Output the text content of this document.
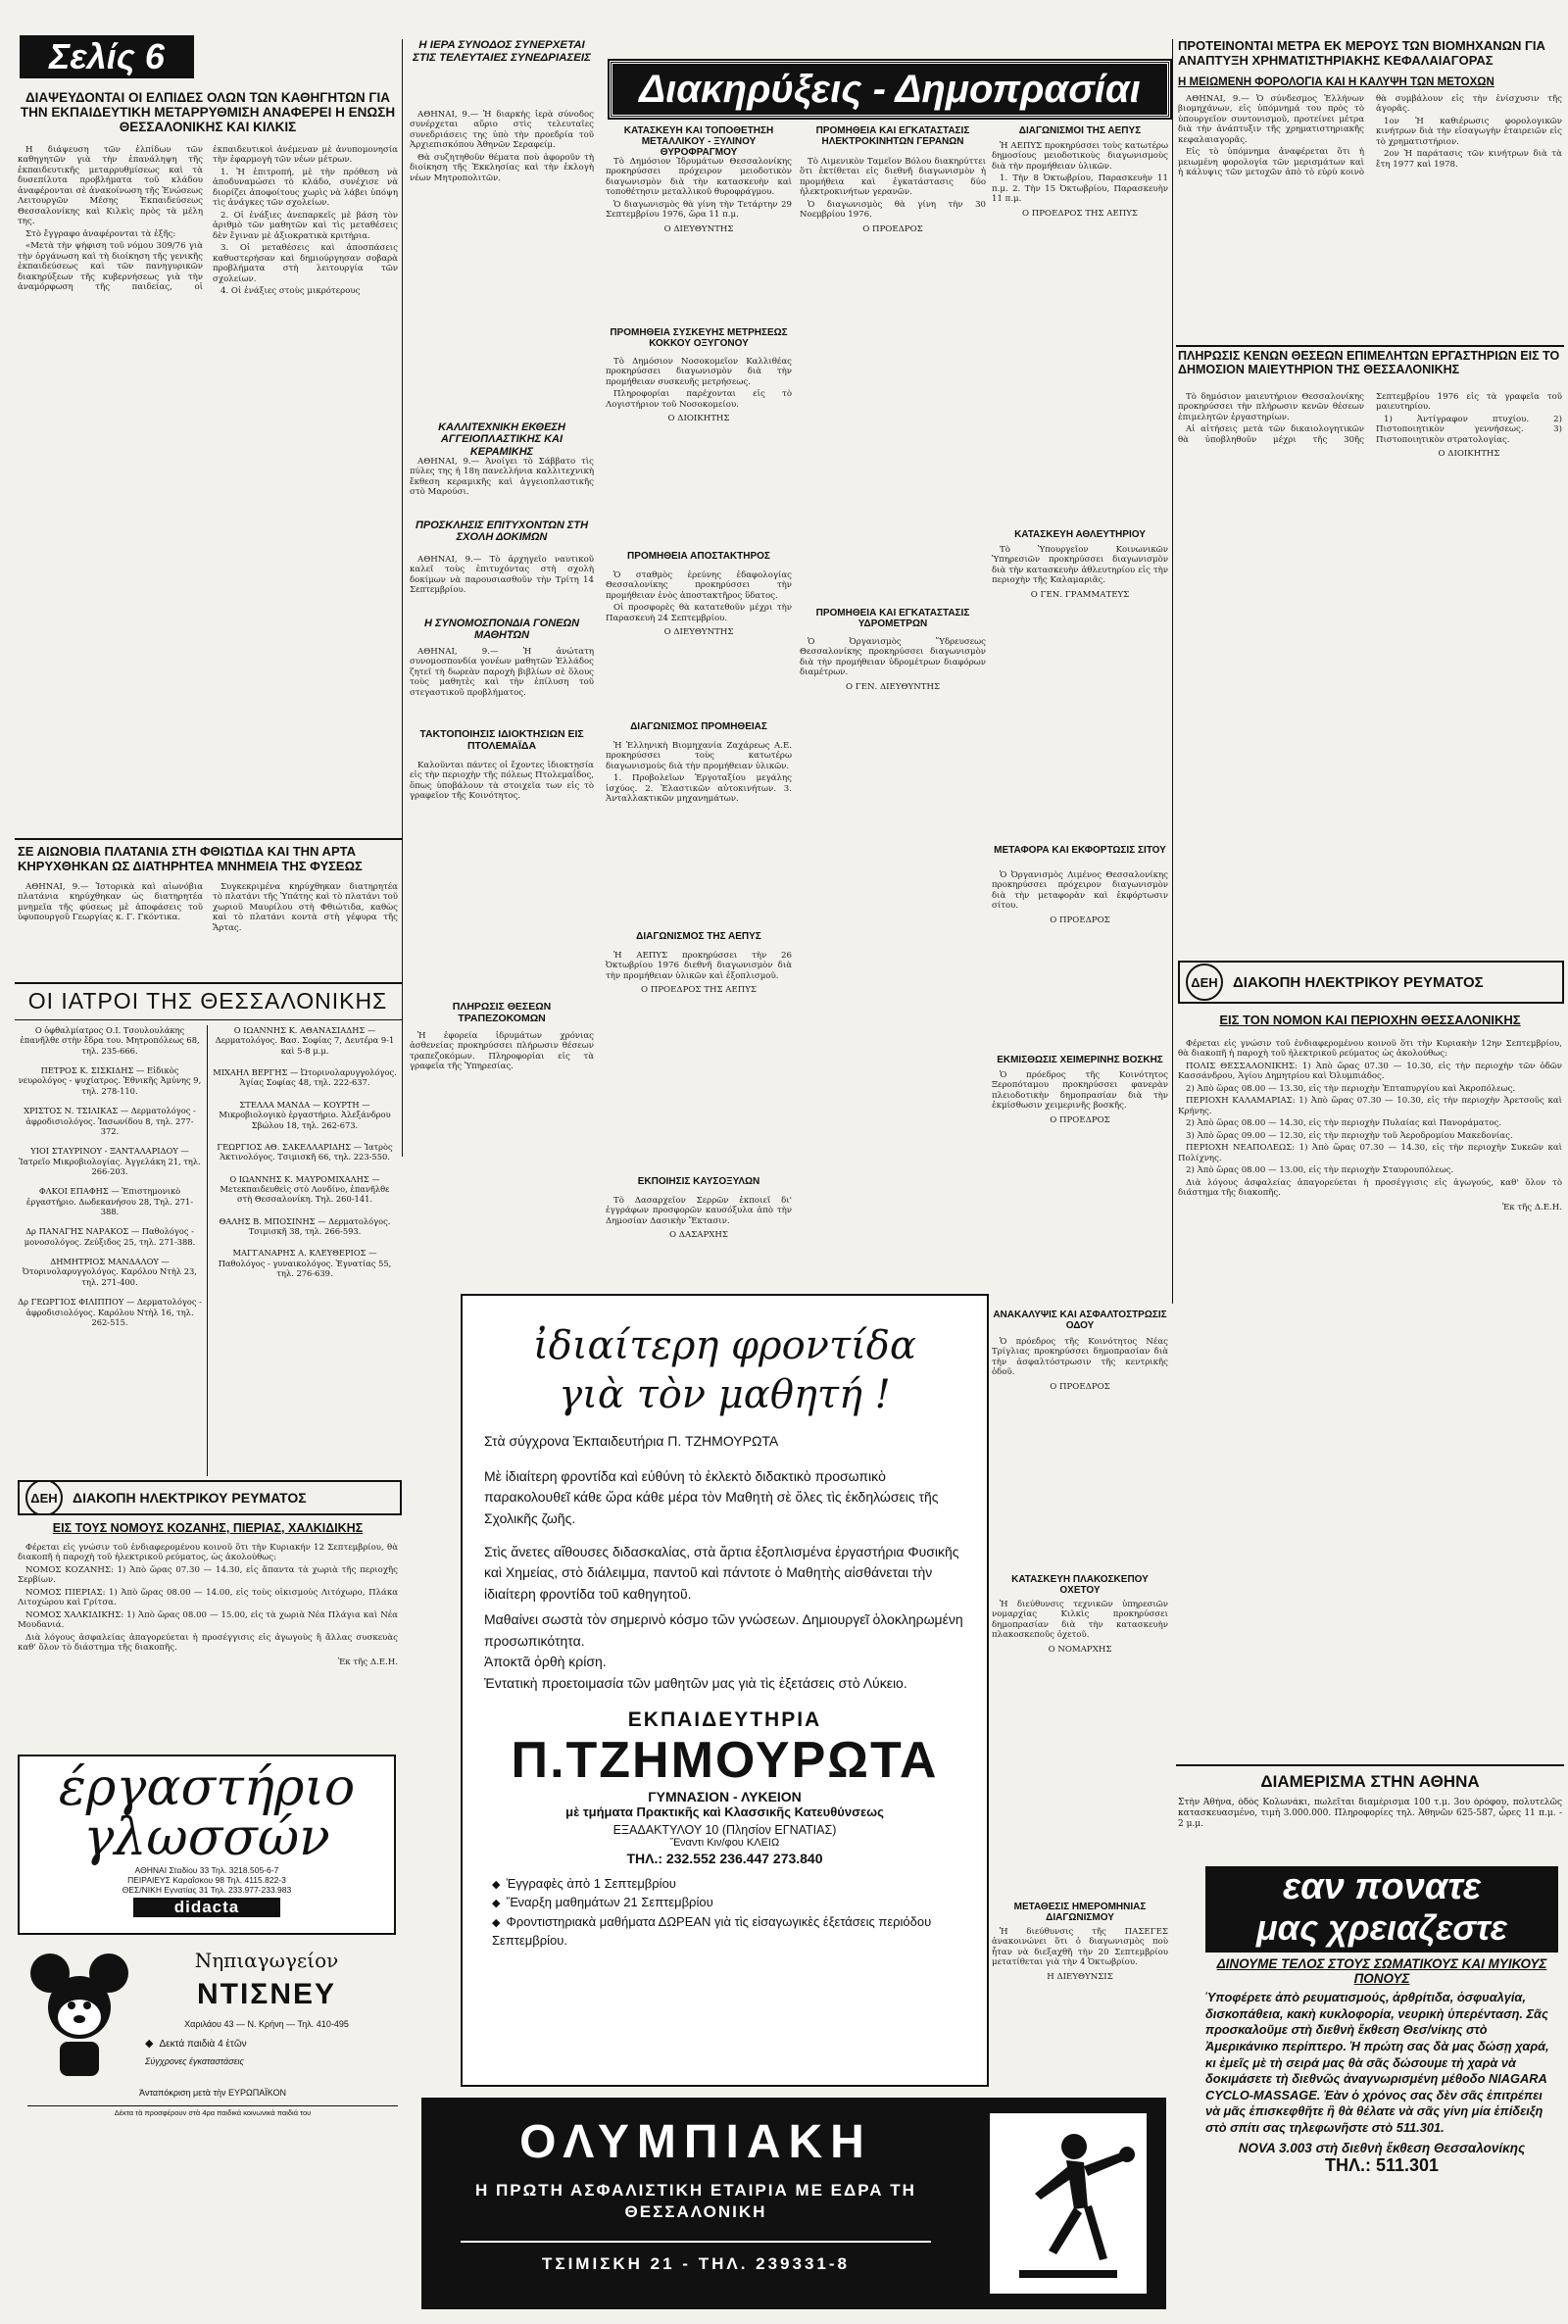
Σελίς 6
ΔΙΑΨΕΥΔΟΝΤΑΙ ΟΙ ΕΛΠΙΔΕΣ ΟΛΩΝ ΤΩΝ ΚΑΘΗΓΗΤΩΝ ΓΙΑ ΤΗΝ ΕΚΠΑΙΔΕΥΤΙΚΗ ΜΕΤΑΡΡΥΘΜΙΣΗ ΑΝΑΦΕΡΕΙ Η ΕΝΩΣΗ ΘΕΣΣΑΛΟΝΙΚΗΣ ΚΑΙ ΚΙΛΚΙΣ

Η διάψευση τῶν ἐλπίδων τῶν καθηγητῶν γιὰ τὴν ἐπανάληψη τῆς ἐκπαιδευτικῆς μεταρρυθμίσεως καὶ τὰ δυσεπίλυτα προβλήματα τοῦ κλάδου ἀναφέρονται σὲ ἀνακοίνωση τῆς Ἑνώσεως Λειτουργῶν Μέσης Ἐκπαιδεύσεως Θεσσαλονίκης καὶ Κιλκὶς πρὸς τὰ μέλη της.

Στὸ ἔγγραφο ἀναφέρονται τὰ ἑξῆς:

«Μετὰ τὴν ψήφιση τοῦ νόμου 309/76 γιὰ τὴν ὀργάνωση καὶ τὴ διοίκηση τῆς γενικῆς ἐκπαιδεύσεως καὶ τῶν πανηγυρικῶν διακηρύξεων τῆς κυβερνήσεως γιὰ τὴν ἀναμόρφωση τῆς παιδείας, οἱ ἐκπαιδευτικοὶ ἀνέμεναν μὲ ἀνυπομονησία τὴν ἐφαρμογὴ τῶν νέων μέτρων.

1. Ἡ ἐπιτροπή, μὲ τὴν πρόθεση νὰ ἀποδυναμώσει τὸ κλάδο, συνέχισε νὰ διορίζει ἀποφοίτους χωρὶς νὰ λάβει ὑπόψη τὶς ἀνάγκες τῶν σχολείων.

2. Οἱ ἐνάξιες ἀνεπαρκεῖς μὲ βάση τὸν ἀριθμὸ τῶν μαθητῶν καὶ τὶς μεταθέσεις δὲν ἔγιναν μὲ ἀξιοκρατικὰ κριτήρια.

3. Οἱ μεταθέσεις καὶ ἀποσπάσεις καθυστερήσαν καὶ δημιούργησαν σοβαρὰ προβλήματα στὴ λειτουργία τῶν σχολείων.

4. Οἱ ἐνάξιες στοὺς μικρότερους

ΣΕ ΑΙΩΝΟΒΙΑ ΠΛΑΤΑΝΙΑ ΣΤΗ ΦΘΙΩΤΙΔΑ ΚΑΙ ΤΗΝ ΑΡΤΑ ΚΗΡΥΧΘΗΚΑΝ ΩΣ ΔΙΑΤΗΡΗΤΕΑ ΜΝΗΜΕΙΑ ΤΗΣ ΦΥΣΕΩΣ

ΑΘΗΝΑΙ, 9.— Ἱστορικὰ καὶ αἰωνόβια πλατάνια κηρύχθηκαν ὡς διατηρητέα μνημεῖα τῆς φύσεως μὲ ἀποφάσεις τοῦ ὑφυπουργοῦ Γεωργίας κ. Γ. Γκόντικα.

Συγκεκριμένα κηρύχθηκαν διατηρητέα τὸ πλατάνι τῆς Ὑπάτης καὶ τὸ πλατάνι τοῦ χωριοῦ Μαυρίλου στὴ Φθιώτιδα, καθὼς καὶ τὸ πλατάνι κοντὰ στὴ γέφυρα τῆς Ἄρτας.

ΟΙ ΙΑΤΡΟΙ ΤΗΣ ΘΕΣΣΑΛΟΝΙΚΗΣ
Ο ὀφθαλμίατρος Ο.Ι. Τσουλουλάκης ἐπανῆλθε στὴν ἔδρα του. Μητροπόλεως 68, τηλ. 235-666.
ΠΕΤΡΟΣ Κ. ΣΙΣΚΙΔΗΣ — Εἰδικὸς νευρολόγος - ψυχίατρος. Ἐθνικῆς Ἀμύνης 9, τηλ. 278-110.
ΧΡΙΣΤΟΣ Ν. ΤΣΙΛΙΚΑΣ — Δερματολόγος - ἀφροδισιολόγος. Ἰασωνίδου 8, τηλ. 277-372.
ΥΙΟΙ ΣΤΑΥΡΙΝΟΥ - ΞΑΝΤΑΛΑΡΙΔΟΥ — Ἰατρεῖο Μικροβιολογίας. Ἀγγελάκη 21, τηλ. 266-203.
ΦΛΚΟΙ ΕΠΑΦΗΣ — Ἐπιστημονικὸ ἐργαστήριο. Δωδεκανήσου 28, Τηλ. 271-388.
Δρ ΠΑΝΑΓΗΣ ΝΑΡΑΚΟΣ — Παθολόγος - μονοσολόγος. Ζεύξιδος 25, τηλ. 271-388.
ΔΗΜΗΤΡΙΟΣ ΜΑΝΔΑΛΟΥ — Ὀτορινολαρυγγολόγος. Καρόλου Ντὴλ 23, τηλ. 271-400.
Δρ ΓΕΩΡΓΙΟΣ ΦΙΛΙΠΠΟΥ — Δερματολόγος - ἀφροδισιολόγος. Καρόλου Ντὴλ 16, τηλ. 262-515.
Ο ΙΩΑΝΝΗΣ Κ. ΑΘΑΝΑΣΙΑΔΗΣ — Δερματολόγος. Βασ. Σοφίας 7, Δευτέρα 9-1 καὶ 5-8 μ.μ.
ΜΙΧΑΗΛ ΒΕΡΓΗΣ — Ὠτορινολαρυγγολόγος. Ἁγίας Σοφίας 48, τηλ. 222-637.
ΣΤΕΛΛΑ ΜΑΝΔΑ — ΚΟΥΡΤΗ — Μικροβιολογικὸ ἐργαστήριο. Ἀλεξάνδρου Σβώλου 18, τηλ. 262-673.
ΓΕΩΡΓΙΟΣ ΑΘ. ΣΑΚΕΛΛΑΡΙΔΗΣ — Ἰατρὸς Ἀκτινολόγος. Τσιμισκῆ 66, τηλ. 223-550.
Ο ΙΩΑΝΝΗΣ Κ. ΜΑΥΡΟΜΙΧΑΛΗΣ — Μετεκπαιδευθεὶς στὸ Λονδίνο, ἐπανῆλθε στὴ Θεσσαλονίκη. Τηλ. 260-141.
ΘΑΛΗΣ Β. ΜΠΟΣΙΝΗΣ — Δερματολόγος. Τσιμισκῆ 38, τηλ. 266-593.
ΜΑΓΓΑΝΑΡΗΣ Α. ΚΛΕΥΘΕΡΙΟΣ — Παθολόγος - γυναικολόγος. Ἐγνατίας 55, τηλ. 276-639.
ΔΕΗ	ΔΙΑΚΟΠΗ ΗΛΕΚΤΡΙΚΟΥ ΡΕΥΜΑΤΟΣ
ΕΙΣ ΤΟΥΣ ΝΟΜΟΥΣ ΚΟΖΑΝΗΣ, ΠΙΕΡΙΑΣ, ΧΑΛΚΙΔΙΚΗΣ

Φέρεται εἰς γνώσιν τοῦ ἐνδιαφερομένου κοινοῦ ὅτι τὴν Κυριακήν 12 Σεπτεμβρίου, θὰ διακοπῆ ἡ παροχὴ τοῦ ἠλεκτρικοῦ ρεύματος, ὡς ἀκολούθως:

ΝΟΜΟΣ ΚΟΖΑΝΗΣ: 1) Ἀπὸ ὥρας 07.30 — 14.30, εἰς ἅπαντα τὰ χωριὰ τῆς περιοχῆς Σερβίων.

ΝΟΜΟΣ ΠΙΕΡΙΑΣ: 1) Ἀπὸ ὥρας 08.00 — 14.00, εἰς τοὺς οἰκισμοὺς Λιτόχωρο, Πλάκα Λιτοχώρου καὶ Γρίτσα.

ΝΟΜΟΣ ΧΑΛΚΙΔΙΚΗΣ: 1) Ἀπὸ ὥρας 08.00 — 15.00, εἰς τὰ χωριὰ Νέα Πλάγια καὶ Νέα Μουδανιά.

Διὰ λόγους ἀσφαλείας ἀπαγορεύεται ἡ προσέγγισις εἰς ἀγωγοὺς ἢ ἄλλας συσκευὰς καθ' ὅλον τὸ διάστημα τῆς διακοπῆς.

Ἐκ τῆς Δ.Ε.Η.
έργαστήριο
γλωσσών
ΑΘΗΝΑΙ Σταδίου 33 Τηλ. 3218.505-6-7
ΠΕΙΡΑΙΕΥΣ Καραΐσκου 98 Τηλ. 4115.822-3
ΘΕΣ/ΝΙΚΗ Εγνατίας 31 Τηλ. 233.977-233.983
didacta
Νηπιαγωγείον
ΝΤΙΣΝΕΥ
Χαριλάου 43 — Ν. Κρήνη — Τηλ. 410-495
◆ Δεκτά παιδιὰ 4 ἐτῶν
Σύγχρονες ἐγκαταστάσεις
Ἀνταπόκριση μετὰ τὴν ΕΥΡΩΠΑΪΚΟΝ
Δέκτα τὰ προσφέρουν στὰ 4ρα παιδικά κοινωνικά παιδιά του
Η ΙΕΡΑ ΣΥΝΟΔΟΣ ΣΥΝΕΡΧΕΤΑΙ ΣΤΙΣ ΤΕΛΕΥΤΑΙΕΣ ΣΥΝΕΔΡΙΑΣΕΙΣ

ΑΘΗΝΑΙ, 9.— Ἡ διαρκὴς ἱερὰ σύνοδος συνέρχεται αὔριο στὶς τελευταῖες συνεδριάσεις της ὑπὸ τὴν προεδρία τοῦ Ἀρχιεπισκόπου Ἀθηνῶν Σεραφείμ.

Θὰ συζητηθοῦν θέματα ποὺ ἀφοροῦν τὴ διοίκηση τῆς Ἐκκλησίας καὶ τὴν ἐκλογὴ νέων Μητροπολιτῶν.

Διακηρύξεις - Δημοπρασίαι
ΚΑΛΛΙΤΕΧΝΙΚΗ ΕΚΘΕΣΗ ΑΓΓΕΙΟΠΛΑΣΤΙΚΗΣ ΚΑΙ ΚΕΡΑΜΙΚΗΣ

ΑΘΗΝΑΙ, 9.— Ἀνοίγει τὸ Σάββατο τὶς πύλες της ἡ 18η πανελλήνια καλλιτεχνικὴ ἔκθεση κεραμικῆς καὶ ἀγγειοπλαστικῆς στὸ Μαρούσι.

ΠΡΟΣΚΛΗΣΙΣ ΕΠΙΤΥΧΟΝΤΩΝ ΣΤΗ ΣΧΟΛΗ ΔΟΚΙΜΩΝ

ΑΘΗΝΑΙ, 9.— Τὸ ἀρχηγεῖο ναυτικοῦ καλεῖ τοὺς ἐπιτυχόντας στὴ σχολὴ δοκίμων νὰ παρουσιασθοῦν τὴν Τρίτη 14 Σεπτεμβρίου.

Η ΣΥΝΟΜΟΣΠΟΝΔΙΑ ΓΟΝΕΩΝ ΜΑΘΗΤΩΝ

ΑΘΗΝΑΙ, 9.— Ἡ ἀνώτατη συνομοσπονδία γονέων μαθητῶν Ἑλλάδος ζητεῖ τὴ δωρεὰν παροχὴ βιβλίων σὲ ὅλους τοὺς μαθητὲς καὶ τὴν ἐπίλυση τοῦ στεγαστικοῦ προβλήματος.

ΤΑΚΤΟΠΟΙΗΣΙΣ ΙΔΙΟΚΤΗΣΙΩΝ ΕΙΣ ΠΤΟΛΕΜΑΪΔΑ

Καλοῦνται πάντες οἱ ἔχοντες ἰδιοκτησία εἰς τὴν περιοχὴν τῆς πόλεως Πτολεμαΐδος, ὅπως ὑποβάλουν τὰ στοιχεῖα των εἰς τὸ γραφεῖον τῆς Κοινότητος.

ΠΛΗΡΩΣΙΣ ΘΕΣΕΩΝ ΤΡΑΠΕΖΟΚΟΜΩΝ

Ἡ ἐφορεία ἰδρυμάτων χρόνιας ἀσθενείας προκηρύσσει πλήρωσιν θέσεων τραπεζοκόμων. Πληροφορίαι εἰς τὰ γραφεῖα τῆς Ὑπηρεσίας.

ΚΑΤΑΣΚΕΥΗ ΚΑΙ ΤΟΠΟΘΕΤΗΣΗ ΜΕΤΑΛΛΙΚΟΥ - ΞΥΛΙΝΟΥ ΘΥΡΟΦΡΑΓΜΟΥ

Τὸ Δημόσιον Ἰδρυμάτων Θεσσαλονίκης προκηρύσσει πρόχειρον μειοδοτικὸν διαγωνισμὸν διὰ τὴν κατασκευὴν καὶ τοποθέτησιν μεταλλικοῦ θυροφράγμου.

Ὁ διαγωνισμὸς θὰ γίνη τὴν Τετάρτην 29 Σεπτεμβρίου 1976, ὥρα 11 π.μ.

Ο ΔΙΕΥΘΥΝΤΗΣ
ΠΡΟΜΗΘΕΙΑ ΣΥΣΚΕΥΗΣ ΜΕΤΡΗΣΕΩΣ ΚΟΚΚΟΥ ΟΞΥΓΟΝΟΥ

Τὸ Δημόσιον Νοσοκομεῖον Καλλιθέας προκηρύσσει διαγωνισμὸν διὰ τὴν προμήθειαν συσκευῆς μετρήσεως.

Πληροφορίαι παρέχονται εἰς τὸ Λογιστήριον τοῦ Νοσοκομείου.

Ο ΔΙΟΙΚΗΤΗΣ
ΠΡΟΜΗΘΕΙΑ ΑΠΟΣΤΑΚΤΗΡΟΣ

Ὁ σταθμὸς ἐρεύνης ἐδαφολογίας Θεσσαλονίκης προκηρύσσει τὴν προμήθειαν ἑνὸς ἀποστακτῆρος ὕδατος.

Οἱ προσφορὲς θὰ κατατεθοῦν μέχρι τὴν Παρασκευὴ 24 Σεπτεμβρίου.

Ο ΔΙΕΥΘΥΝΤΗΣ
ΔΙΑΓΩΝΙΣΜΟΣ ΠΡΟΜΗΘΕΙΑΣ

Ἡ Ἑλληνικὴ Βιομηχανία Ζαχάρεως Α.Ε. προκηρύσσει τοὺς κατωτέρω διαγωνισμοὺς διὰ τὴν προμήθειαν ὑλικῶν.

1. Προβολεῖων Ἐργοταξίου μεγάλης ἰσχύος. 2. Ἐλαστικῶν αὐτοκινήτων. 3. Ἀνταλλακτικῶν μηχανημάτων.

ΔΙΑΓΩΝΙΣΜΟΣ ΤΗΣ ΑΕΠΥΣ

Ἡ ΑΕΠΥΣ προκηρύσσει τὴν 26 Ὀκτωβρίου 1976 διεθνῆ διαγωνισμὸν διὰ τὴν προμήθειαν ὑλικῶν καὶ ἐξοπλισμοῦ.

Ο ΠΡΟΕΔΡΟΣ ΤΗΣ ΑΕΠΥΣ
ΕΚΠΟΙΗΣΙΣ ΚΑΥΣΟΞΥΛΩΝ

Τὸ Δασαρχεῖον Σερρῶν ἐκποιεῖ δι' ἐγγράφων προσφορῶν καυσόξυλα ἀπὸ τὴν Δημοσίαν Δασικὴν Ἔκτασιν.

Ο ΔΑΣΑΡΧΗΣ
ΠΡΟΜΗΘΕΙΑ ΚΑΙ ΕΓΚΑΤΑΣΤΑΣΙΣ ΗΛΕΚΤΡΟΚΙΝΗΤΩΝ ΓΕΡΑΝΩΝ

Τὸ Λιμενικὸν Ταμεῖον Βόλου διακηρύττει ὅτι ἐκτίθεται εἰς διεθνῆ διαγωνισμὸν ἡ προμήθεια καὶ ἐγκατάστασις δύο ἠλεκτροκινήτων γερανῶν.

Ὁ διαγωνισμὸς θὰ γίνη τὴν 30 Νοεμβρίου 1976.

Ο ΠΡΟΕΔΡΟΣ
ΠΡΟΜΗΘΕΙΑ ΚΑΙ ΕΓΚΑΤΑΣΤΑΣΙΣ ΥΔΡΟΜΕΤΡΩΝ

Ὁ Ὀργανισμὸς Ὕδρευσεως Θεσσαλονίκης προκηρύσσει διαγωνισμὸν διὰ τὴν προμήθειαν ὑδρομέτρων διαφόρων διαμέτρων.

Ο ΓΕΝ. ΔΙΕΥΘΥΝΤΗΣ
ΔΙΑΓΩΝΙΣΜΟΙ ΤΗΣ ΑΕΠΥΣ

Ἡ ΑΕΠΥΣ προκηρύσσει τοὺς κατωτέρω δημοσίους μειοδοτικοὺς διαγωνισμοὺς διὰ τὴν προμήθειαν ὑλικῶν.

1. Τὴν 8 Ὀκτωβρίου, Παρασκευὴν 11 π.μ. 2. Τὴν 15 Ὀκτωβρίου, Παρασκευὴν 11 π.μ.

Ο ΠΡΟΕΔΡΟΣ ΤΗΣ ΑΕΠΥΣ
ΚΑΤΑΣΚΕΥΗ ΑΘΛΕΥΤΗΡΙΟΥ

Τὸ Ὑπουργεῖον Κοινωνικῶν Ὑπηρεσιῶν προκηρύσσει διαγωνισμὸν διὰ τὴν κατασκευὴν ἀθλευτηρίου εἰς τὴν περιοχὴν τῆς Καλαμαριᾶς.

Ο ΓΕΝ. ΓΡΑΜΜΑΤΕΥΣ
ΜΕΤΑΦΟΡΑ ΚΑΙ ΕΚΦΟΡΤΩΣΙΣ ΣΙΤΟΥ

Ὁ Ὀργανισμὸς Λιμένος Θεσσαλονίκης προκηρύσσει πρόχειρον διαγωνισμὸν διὰ τὴν μεταφορὰν καὶ ἐκφόρτωσιν σίτου.

Ο ΠΡΟΕΔΡΟΣ
ΕΚΜΙΣΘΩΣΙΣ ΧΕΙΜΕΡΙΝΗΣ ΒΟΣΚΗΣ

Ὁ πρόεδρος τῆς Κοινότητος Ξεροπόταμου προκηρύσσει φανερὰν πλειοδοτικὴν δημοπρασίαν διὰ τὴν ἐκμίσθωσιν χειμερινῆς βοσκῆς.

Ο ΠΡΟΕΔΡΟΣ
ΑΝΑΚΑΛΥΨΙΣ ΚΑΙ ΑΣΦΑΛΤΟΣΤΡΩΣΙΣ ΟΔΟΥ

Ὁ πρόεδρος τῆς Κοινότητος Νέας Τρίγλιας προκηρύσσει δημοπρασίαν διὰ τὴν ἀσφαλτόστρωσιν τῆς κεντρικῆς ὁδοῦ.

Ο ΠΡΟΕΔΡΟΣ
ΚΑΤΑΣΚΕΥΗ ΠΛΑΚΟΣΚΕΠΟΥ ΟΧΕΤΟΥ

Ἡ διεύθυνσις τεχνικῶν ὑπηρεσιῶν νομαρχίας Κιλκὶς προκηρύσσει δημοπρασίαν διὰ τὴν κατασκευὴν πλακοσκεποῦς ὀχετοῦ.

Ο ΝΟΜΑΡΧΗΣ
ΜΕΤΑΘΕΣΙΣ ΗΜΕΡΟΜΗΝΙΑΣ ΔΙΑΓΩΝΙΣΜΟΥ

Ἡ διεύθυνσις τῆς ΠΑΣΕΓΕΣ ἀνακοινώνει ὅτι ὁ διαγωνισμὸς ποὺ ἦταν νὰ διεξαχθῆ τὴν 20 Σεπτεμβρίου μετατίθεται γιὰ τὴν 4 Ὀκτωβρίου.

Η ΔΙΕΥΘΥΝΣΙΣ
ἰδιαίτερη φροντίδα
γιὰ τὸν μαθητή !
Στὰ σύγχρονα Ἐκπαιδευτήρια Π. ΤΖΗΜΟΥΡΩΤΑ
Μὲ ἰδιαίτερη φροντίδα καὶ εὐθύνη τὸ ἐκλεκτὸ διδακτικὸ προσωπικὸ παρακολουθεῖ κάθε ὥρα κάθε μέρα τὸν Μαθητὴ σὲ ὅλες τὶς ἐκδηλώσεις τῆς Σχολικῆς ζωῆς.
Στὶς ἄνετες αἴθουσες διδασκαλίας, στὰ ἄρτια ἐξοπλισμένα ἐργαστήρια Φυσικῆς καὶ Χημείας, στὸ διάλειμμα, παντοῦ καὶ πάντοτε ὁ Μαθητὴς αἰσθάνεται τὴν ἰδιαίτερη φροντίδα τοῦ καθηγητοῦ.
Μαθαίνει σωστὰ τὸν σημερινὸ κόσμο τῶν γνώσεων. Δημιουργεῖ ὁλοκληρωμένη προσωπικότητα.
Ἀποκτᾶ ὀρθὴ κρίση.
Ἐντατικὴ προετοιμασία τῶν μαθητῶν μας γιὰ τὶς ἐξετάσεις στὸ Λύκειο.
ΕΚΠΑΙΔΕΥΤΗΡΙΑ
Π.ΤΖΗΜΟΥΡΩΤΑ
ΓΥΜΝΑΣΙΟΝ - ΛΥΚΕΙΟΝ
μὲ τμήματα Πρακτικῆς καὶ Κλασσικῆς Κατευθύνσεως
ΕΞΑΔΑΚΤΥΛΟΥ 10 (Πλησίον ΕΓΝΑΤΙΑΣ)
Ἔναντι Κιν/φου ΚΛΕΙΩ
ΤΗΛ.: 232.552 236.447 273.840
◆ Ἐγγραφὲς ἀπὸ 1 Σεπτεμβρίου
◆ Ἔναρξη μαθημάτων 21 Σεπτεμβρίου
◆ Φροντιστηριακὰ μαθήματα ΔΩΡΕΑΝ γιὰ τὶς εἰσαγωγικὲς ἐξετάσεις περιόδου Σεπτεμβρίου.
ΟΛΥΜΠΙΑΚΗ
Η ΠΡΩΤΗ ΑΣΦΑΛΙΣΤΙΚΗ ΕΤΑΙΡΙΑ ΜΕ ΕΔΡΑ ΤΗ ΘΕΣΣΑΛΟΝΙΚΗ
ΤΣΙΜΙΣΚΗ 21 - ΤΗΛ. 239331-8
ΠΡΟΤΕΙΝΟΝΤΑΙ ΜΕΤΡΑ ΕΚ ΜΕΡΟΥΣ ΤΩΝ ΒΙΟΜΗΧΑΝΩΝ ΓΙΑ ΑΝΑΠΤΥΞΗ ΧΡΗΜΑΤΙΣΤΗΡΙΑΚΗΣ ΚΕΦΑΛΑΙΑΓΟΡΑΣ
Η ΜΕΙΩΜΕΝΗ ΦΟΡΟΛΟΓΙΑ ΚΑΙ Η ΚΑΛΥΨΗ ΤΩΝ ΜΕΤΟΧΩΝ

ΑΘΗΝΑΙ, 9.— Ὁ σύνδεσμος Ἑλλήνων βιομηχάνων, εἰς ὑπόμνημά του πρὸς τὸ ὑπουργεῖον συντονισμοῦ, προτείνει μέτρα διὰ τὴν ἀνάπτυξιν τῆς χρηματιστηριακῆς κεφαλαιαγορᾶς.

Εἰς τὸ ὑπόμνημα ἀναφέρεται ὅτι ἡ μειωμένη φορολογία τῶν μερισμάτων καὶ ἡ κάλυψις τῶν μετοχῶν ἀπὸ τὸ εὐρὺ κοινὸ θὰ συμβάλουν εἰς τὴν ἐνίσχυσιν τῆς ἀγορᾶς.

1ον Ἡ καθιέρωσις φορολογικῶν κινήτρων διὰ τὴν εἰσαγωγὴν ἑταιρειῶν εἰς τὸ χρηματιστήριον.

2ον Ἡ παράτασις τῶν κινήτρων διὰ τὰ ἔτη 1977 καὶ 1978.

ΠΛΗΡΩΣΙΣ ΚΕΝΩΝ ΘΕΣΕΩΝ ΕΠΙΜΕΛΗΤΩΝ ΕΡΓΑΣΤΗΡΙΩΝ ΕΙΣ ΤΟ ΔΗΜΟΣΙΟΝ ΜΑΙΕΥΤΗΡΙΟΝ ΤΗΣ ΘΕΣΣΑΛΟΝΙΚΗΣ

Τὸ δημόσιον μαιευτήριον Θεσσαλονίκης προκηρύσσει τὴν πλήρωσιν κενῶν θέσεων ἐπιμελητῶν ἐργαστηρίων.

Αἱ αἰτήσεις μετὰ τῶν δικαιολογητικῶν θὰ ὑποβληθοῦν μέχρι τῆς 30ῆς Σεπτεμβρίου 1976 εἰς τὰ γραφεῖα τοῦ μαιευτηρίου.

1) Ἀντίγραφον πτυχίου. 2) Πιστοποιητικὸν γεννήσεως. 3) Πιστοποιητικὸν στρατολογίας.

Ο ΔΙΟΙΚΗΤΗΣ
ΔΕΗ	ΔΙΑΚΟΠΗ ΗΛΕΚΤΡΙΚΟΥ ΡΕΥΜΑΤΟΣ
ΕΙΣ ΤΟΝ ΝΟΜΟΝ ΚΑΙ ΠΕΡΙΟΧΗΝ ΘΕΣΣΑΛΟΝΙΚΗΣ

Φέρεται εἰς γνώσιν τοῦ ἐνδιαφερομένου κοινοῦ ὅτι τὴν Κυριακὴν 12ην Σεπτεμβρίου, θὰ διακοπῆ ἡ παροχὴ τοῦ ἠλεκτρικοῦ ρεύματος ὡς ἀκολούθως:

ΠΟΛΙΣ ΘΕΣΣΑΛΟΝΙΚΗΣ: 1) Ἀπὸ ὥρας 07.30 — 10.30, εἰς τὴν περιοχὴν τῶν ὁδῶν Κασσάνδρου, Ἀγίου Δημητρίου καὶ Ὀλυμπιάδος.

2) Ἀπὸ ὥρας 08.00 — 13.30, εἰς τὴν περιοχὴν Ἐπταπυργίου καὶ Ἀκροπόλεως.

ΠΕΡΙΟΧΗ ΚΑΛΑΜΑΡΙΑΣ: 1) Ἀπὸ ὥρας 07.30 — 10.30, εἰς τὴν περιοχὴν Ἀρετσοῦς καὶ Κρήνης.

2) Ἀπὸ ὥρας 08.00 — 14.30, εἰς τὴν περιοχὴν Πυλαίας καὶ Πανοράματος.

3) Ἀπὸ ὥρας 09.00 — 12.30, εἰς τὴν περιοχὴν τοῦ Ἀεροδρομίου Μακεδονίας.

ΠΕΡΙΟΧΗ ΝΕΑΠΟΛΕΩΣ: 1) Ἀπὸ ὥρας 07.30 — 14.30, εἰς τὴν περιοχὴν Συκεῶν καὶ Πολίχνης.

2) Ἀπὸ ὥρας 08.00 — 13.00, εἰς τὴν περιοχὴν Σταυρουπόλεως.

Διὰ λόγους ἀσφαλείας ἀπαγορεύεται ἡ προσέγγισις εἰς ἀγωγούς, καθ' ὅλον τὸ διάστημα τῆς διακοπῆς.

Ἐκ τῆς Δ.Ε.Η.
ΔΙΑΜΕΡΙΣΜΑ ΣΤΗΝ ΑΘΗΝΑ
Στὴν Ἀθήνα, ὁδὸς Κολωνάκι, πωλεῖται διαμέρισμα 100 τ.μ. 3ου ὀρόφου, πολυτελῶς κατασκευασμένο, τιμὴ 3.000.000. Πληροφορίες τηλ. Ἀθηνῶν 625-587, ὧρες 11 π.μ. - 2 μ.μ.
εαν πονατε
μας χρειαζεστε
ΔΙΝΟΥΜΕ ΤΕΛΟΣ ΣΤΟΥΣ ΣΩΜΑΤΙΚΟΥΣ ΚΑΙ ΜΥΙΚΟΥΣ ΠΟΝΟΥΣ
Ὑποφέρετε ἀπὸ ρευματισμούς, ἀρθρίτιδα, ὀσφυαλγία, δισκοπάθεια, κακὴ κυκλοφορία, νευρικὴ ὑπερένταση. Σᾶς προσκαλοῦμε στὴ διεθνὴ ἔκθεση Θεσ/νίκης στὸ Ἀμερικάνικο περίπτερο. Ἡ πρώτη σας δὰ μας δώσῃ χαρά, κι ἐμεῖς μὲ τὴ σειρά μας θὰ σᾶς δώσουμε τὴ χαρὰ νὰ δοκιμάσετε τὴ διεθνῶς ἀναγνωρισμένη μέθοδο NIAGARA CYCLO-MASSAGE. Ἐὰν ὁ χρόνος σας δὲν σᾶς ἐπιτρέπει νὰ μᾶς ἐπισκεφθῆτε ἢ θὰ θέλατε νὰ σᾶς γίνη μία ἐπίδειξη στὸ σπίτι σας τηλεφωνῆστε στὸ 511.301.
NOVA 3.003 στὴ διεθνὴ ἔκθεση Θεσσαλονίκης
ΤΗΛ.: 511.301
